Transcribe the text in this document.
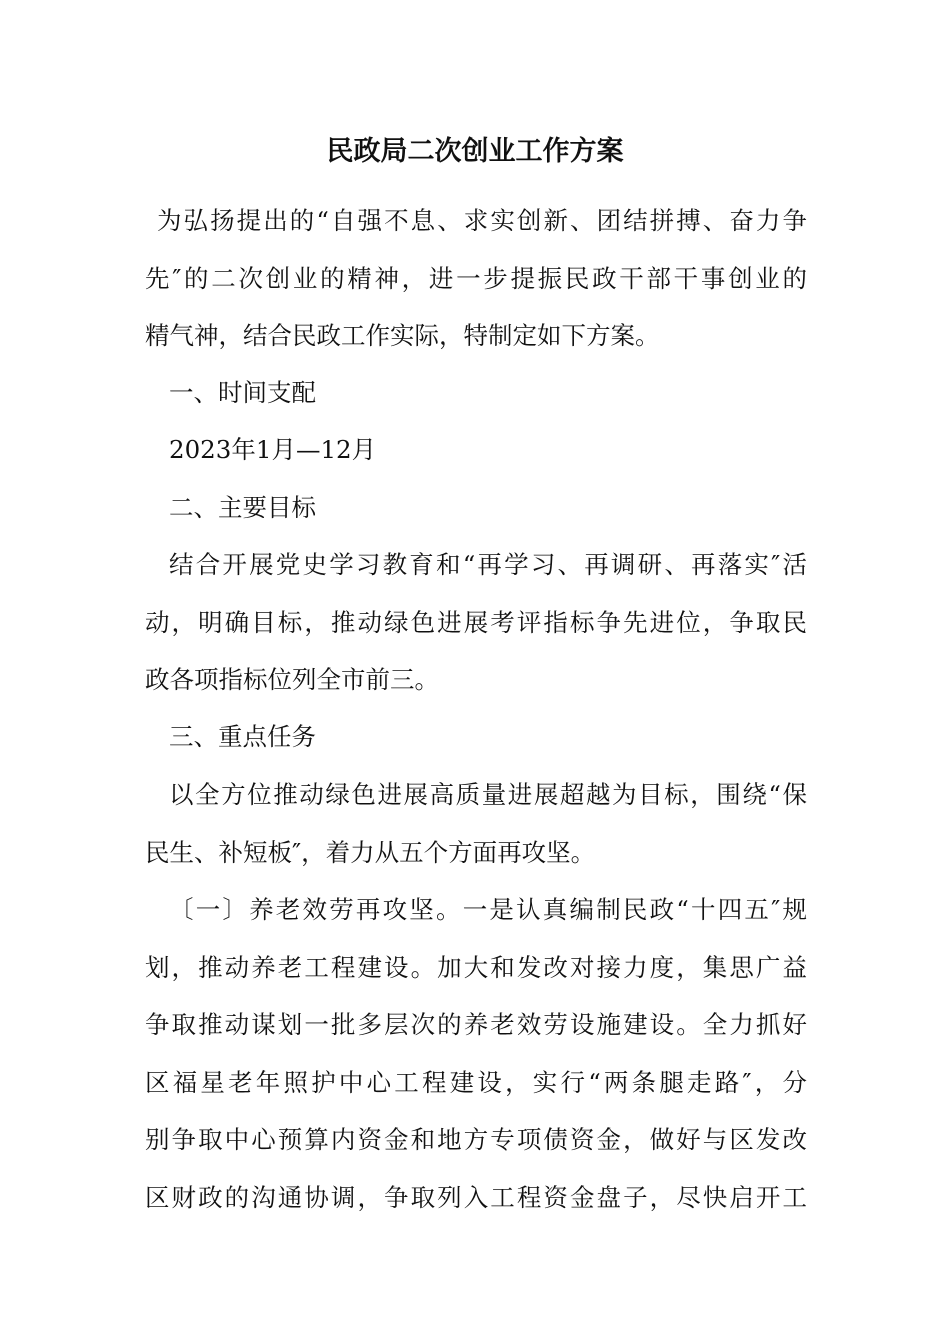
民政局二次创业工作方案
为弘扬提出的“自强不息、求实创新、团结拼搏、奋力争
先″的二次创业的精神，进一步提振民政干部干事创业的
精气神，结合民政工作实际，特制定如下方案。
一、时间支配
2023年1月—12月
二、主要目标
结合开展党史学习教育和“再学习、再调研、再落实″活
动，明确目标，推动绿色进展考评指标争先进位，争取民
政各项指标位列全市前三。
三、重点任务
以全方位推动绿色进展高质量进展超越为目标，围绕“保
民生、补短板″，着力从五个方面再攻坚。
〔一〕养老效劳再攻坚。一是认真编制民政“十四五″规
划，推动养老工程建设。加大和发改对接力度，集思广益
争取推动谋划一批多层次的养老效劳设施建设。全力抓好
区福星老年照护中心工程建设，实行“两条腿走路″，分
别争取中心预算内资金和地方专项债资金，做好与区发改
区财政的沟通协调，争取列入工程资金盘子，尽快启开工
